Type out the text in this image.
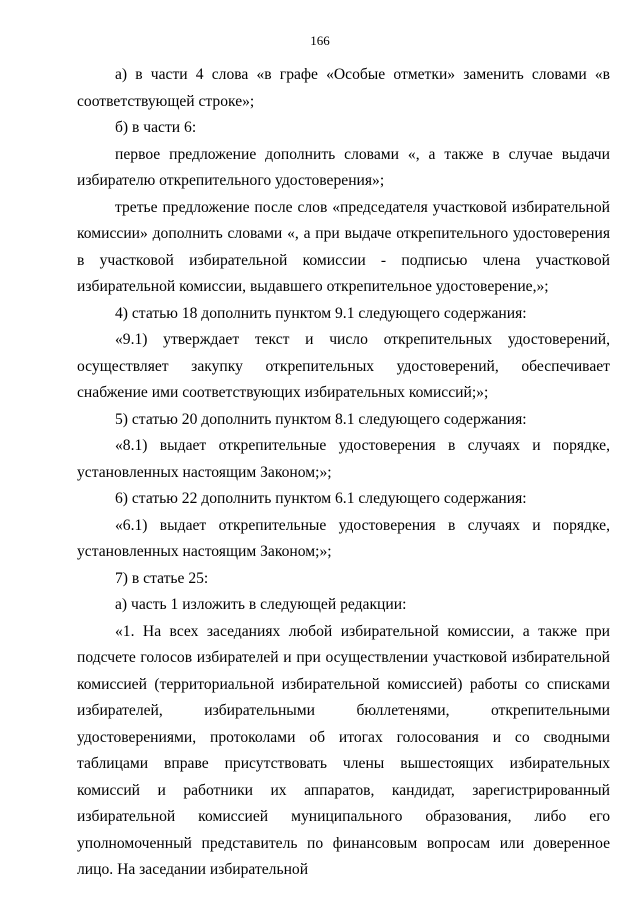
166

а) в части 4 слова «в графе «Особые отметки» заменить словами «в соответствующей строке»;

б) в части 6:

первое предложение дополнить словами «, а также в случае выдачи избирателю открепительного удостоверения»;

третье предложение после слов «председателя участковой избирательной комиссии» дополнить словами «, а при выдаче открепительного удостоверения в участковой избирательной комиссии - подписью члена участковой избирательной комиссии, выдавшего открепительное удостоверение,»;

4) статью 18 дополнить пунктом 9.1 следующего содержания:

«9.1) утверждает текст и число открепительных удостоверений, осуществляет закупку открепительных удостоверений, обеспечивает снабжение ими соответствующих избирательных комиссий;»;

5) статью 20 дополнить пунктом 8.1 следующего содержания:

«8.1) выдает открепительные удостоверения в случаях и порядке, установленных настоящим Законом;»;

6) статью 22 дополнить пунктом 6.1 следующего содержания:

«6.1) выдает открепительные удостоверения в случаях и порядке, установленных настоящим Законом;»;

7) в статье 25:

а) часть 1 изложить в следующей редакции:

«1. На всех заседаниях любой избирательной комиссии, а также при подсчете голосов избирателей и при осуществлении участковой избирательной комиссией (территориальной избирательной комиссией) работы со списками избирателей, избирательными бюллетенями, открепительными удостоверениями, протоколами об итогах голосования и со сводными таблицами вправе присутствовать члены вышестоящих избирательных комиссий и работники их аппаратов, кандидат, зарегистрированный избирательной комиссией муниципального образования, либо его уполномоченный представитель по финансовым вопросам или доверенное лицо. На заседании избирательной
